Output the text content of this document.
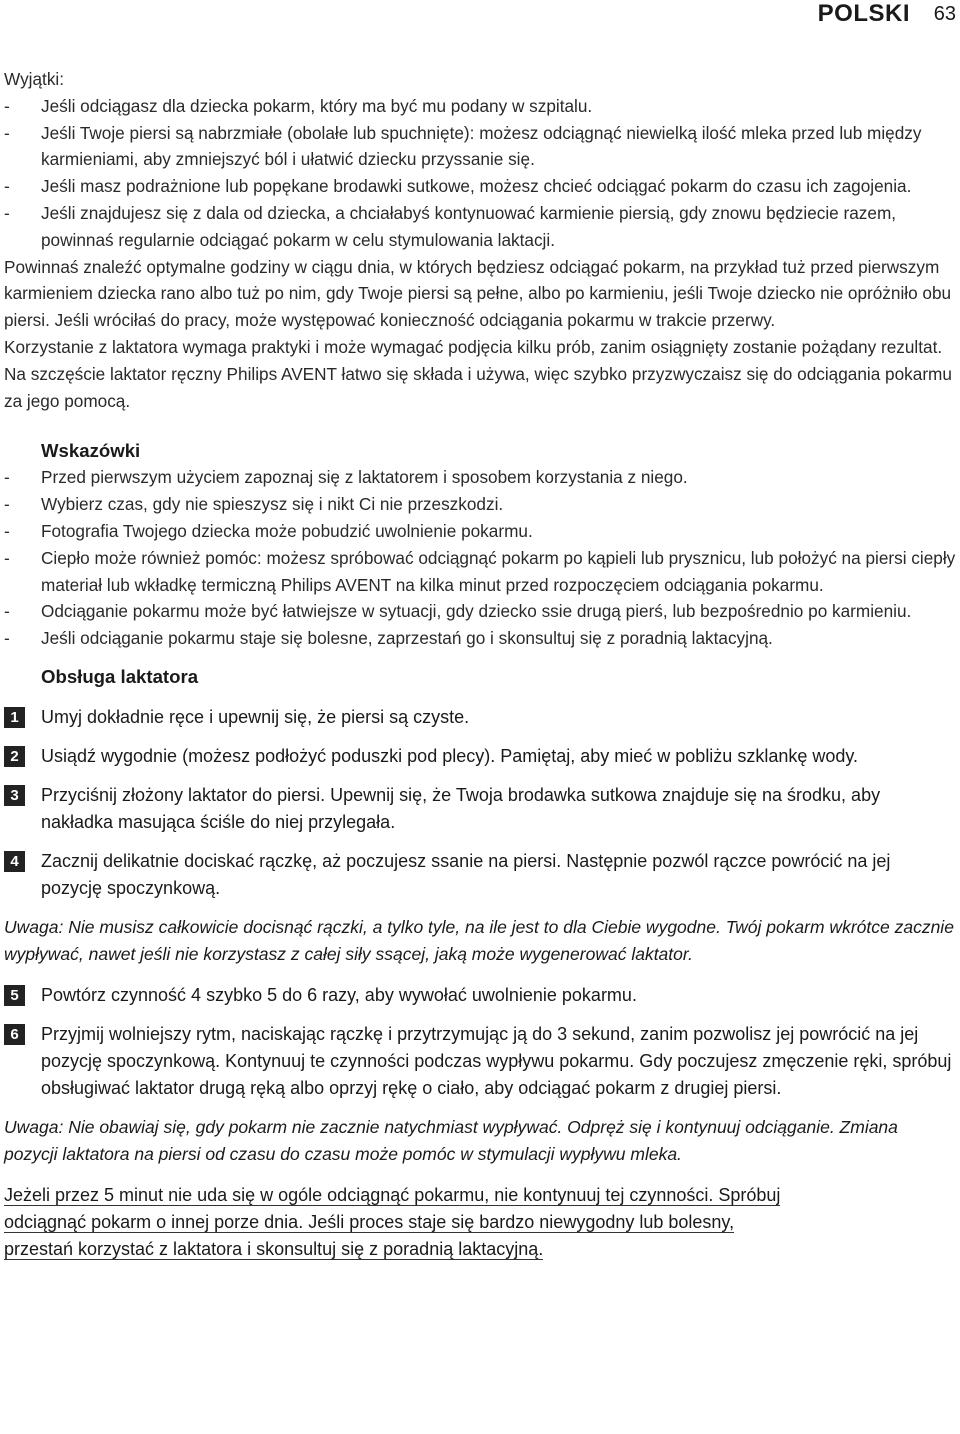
POLSKI 63

Wyjątki:

-	Jeśli odciągasz dla dziecka pokarm, który ma być mu podany w szpitalu.
-	Jeśli Twoje piersi są nabrzmiałe (obolałe lub spuchnięte): możesz odciągnąć niewielką ilość mleka przed lub między karmieniami, aby zmniejszyć ból i ułatwić dziecku przyssanie się.
-	Jeśli masz podrażnione lub popękane brodawki sutkowe, możesz chcieć odciągać pokarm do czasu ich zagojenia.
-	Jeśli znajdujesz się z dala od dziecka, a chciałabyś kontynuować karmienie piersią, gdy znowu będziecie razem, powinnaś regularnie odciągać pokarm w celu stymulowania laktacji.

Powinnaś znaleźć optymalne godziny w ciągu dnia, w których będziesz odciągać pokarm, na przykład tuż przed pierwszym karmieniem dziecka rano albo tuż po nim, gdy Twoje piersi są pełne, albo po karmieniu, jeśli Twoje dziecko nie opróżniło obu piersi. Jeśli wróciłaś do pracy, może występować konieczność odciągania pokarmu w trakcie przerwy.

Korzystanie z laktatora wymaga praktyki i może wymagać podjęcia kilku prób, zanim osiągnięty zostanie pożądany rezultat. Na szczęście laktator ręczny Philips AVENT łatwo się składa i używa, więc szybko przyzwyczaisz się do odciągania pokarmu za jego pomocą.

Wskazówki
-	Przed pierwszym użyciem zapoznaj się z laktatorem i sposobem korzystania z niego.
-	Wybierz czas, gdy nie spieszysz się i nikt Ci nie przeszkodzi.
-	Fotografia Twojego dziecka może pobudzić uwolnienie pokarmu.
-	Ciepło może również pomóc: możesz spróbować odciągnąć pokarm po kąpieli lub prysznicu, lub położyć na piersi ciepły materiał lub wkładkę termiczną Philips AVENT na kilka minut przed rozpoczęciem odciągania pokarmu.
-	Odciąganie pokarmu może być łatwiejsze w sytuacji, gdy dziecko ssie drugą pierś, lub bezpośrednio po karmieniu.
-	Jeśli odciąganie pokarmu staje się bolesne, zaprzestań go i skonsultuj się z poradnią laktacyjną.
Obsługa laktatora
1	Umyj dokładnie ręce i upewnij się, że piersi są czyste.
2	Usiądź wygodnie (możesz podłożyć poduszki pod plecy). Pamiętaj, aby mieć w pobliżu szklankę wody.
3	Przyciśnij złożony laktator do piersi. Upewnij się, że Twoja brodawka sutkowa znajduje się na środku, aby nakładka masująca ściśle do niej przylegała.
4	Zacznij delikatnie dociskać rączkę, aż poczujesz ssanie na piersi. Następnie pozwól rączce powrócić na jej pozycję spoczynkową.

Uwaga: Nie musisz całkowicie docisnąć rączki, a tylko tyle, na ile jest to dla Ciebie wygodne. Twój pokarm wkrótce zacznie wypływać, nawet jeśli nie korzystasz z całej siły ssącej, jaką może wygenerować laktator.

5	Powtórz czynność 4 szybko 5 do 6 razy, aby wywołać uwolnienie pokarmu.
6	Przyjmij wolniejszy rytm, naciskając rączkę i przytrzymując ją do 3 sekund, zanim pozwolisz jej powrócić na jej pozycję spoczynkową. Kontynuuj te czynności podczas wypływu pokarmu. Gdy poczujesz zmęczenie ręki, spróbuj obsługiwać laktator drugą ręką albo oprzyj rękę o ciało, aby odciągać pokarm z drugiej piersi.

Uwaga: Nie obawiaj się, gdy pokarm nie zacznie natychmiast wypływać. Odpręż się i kontynuuj odciąganie. Zmiana pozycji laktatora na piersi od czasu do czasu może pomóc w stymulacji wypływu mleka.

Jeżeli przez 5 minut nie uda się w ogóle odciągnąć pokarmu, nie kontynuuj tej czynności. Spróbuj
odciągnąć pokarm o innej porze dnia. Jeśli proces staje się bardzo niewygodny lub bolesny,
przestań korzystać z laktatora i skonsultuj się z poradnią laktacyjną.
